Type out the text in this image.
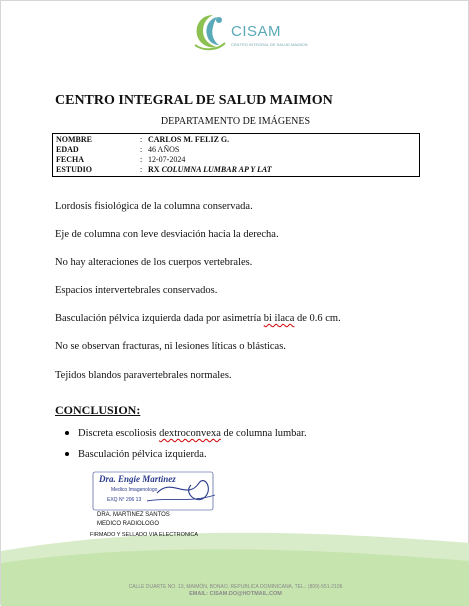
CISAM
CENTRO INTEGRAL DE SALUD MAIMON
CENTRO INTEGRAL DE SALUD MAIMON
DEPARTAMENTO DE IMÁGENES
NOMBRE	: CARLOS M. FELIZ G.
EDAD	: 46 AÑOS
FECHA	: 12-07-2024
ESTUDIO	: RX COLUMNA LUMBAR AP Y LAT
Lordosis fisiológica de la columna conservada.
Eje de columna con leve desviación hacia la derecha.
No hay alteraciones de los cuerpos vertebrales.
Espacios intervertebrales conservados.
Basculación pélvica izquierda dada por asimetría bi ilaca de 0.6 cm.
No se observan fracturas, ni lesiones líticas o blásticas.
Tejidos blandos paravertebrales normales.
CONCLUSION:
Discreta escoliosis dextroconvexa de columna lumbar.
Basculación pélvica izquierda.
Dra. Engie Martinez
Medico Imagenologo
EXQ N° 206 13
DRA. MARTINEZ SANTOS
MEDICO RADIOLOGO
FIRMADO Y SELLADO VIA ELECTRONICA
CALLE DUARTE NO. 13, MAIMÓN, BONAO, REPUBLICA DOMINICANA, TEL.: (809)-551-2106
EMAIL: CISAM.DO@HOTMAIL.COM
